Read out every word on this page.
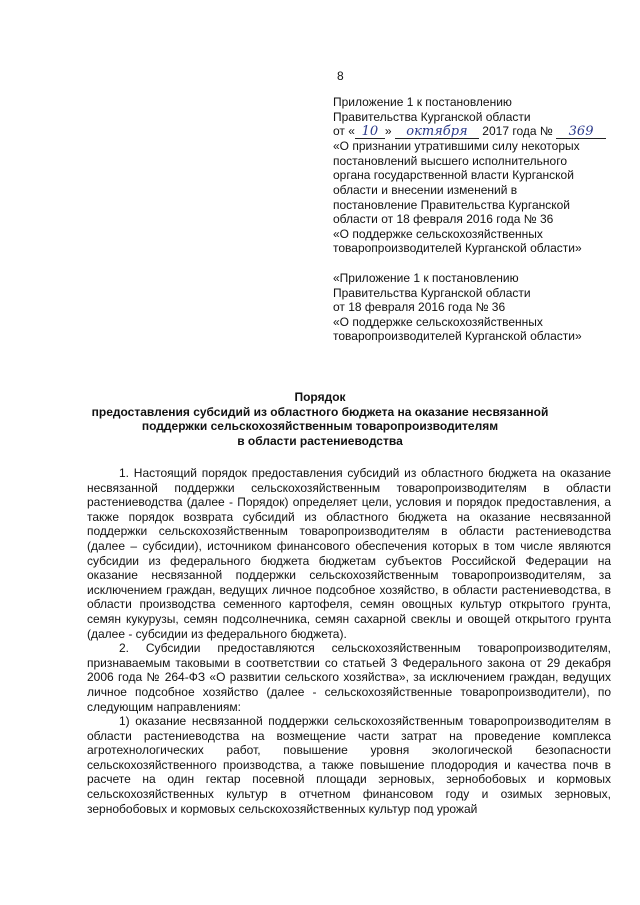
8

Приложение 1 к постановлению

Правительства Курганской области

от « 10 » октября 2017 года № 369

«О признании утратившими силу некоторых

постановлений высшего исполнительного

органа государственной власти Курганской

области и внесении изменений в

постановление Правительства Курганской

области от 18 февраля 2016 года № 36

«О поддержке сельскохозяйственных

товаропроизводителей Курганской области»

«Приложение 1 к постановлению

Правительства Курганской области

от 18 февраля 2016 года № 36

«О поддержке сельскохозяйственных

товаропроизводителей Курганской области»

Порядок

предоставления субсидий из областного бюджета на оказание несвязанной

поддержки сельскохозяйственным товаропроизводителям

в области растениеводства

1. Настоящий порядок предоставления субсидий из областного бюджета на оказание несвязанной поддержки сельскохозяйственным товаропроизводителям в области растениеводства (далее - Порядок) определяет цели, условия и порядок предоставления, а также порядок возврата субсидий из областного бюджета на оказание несвязанной поддержки сельскохозяйственным товаропроизводителям в области растениеводства (далее – субсидии), источником финансового обеспечения которых в том числе являются субсидии из федерального бюджета бюджетам субъектов Российской Федерации на оказание несвязанной поддержки сельскохозяйственным товаропроизводителям, за исключением граждан, ведущих личное подсобное хозяйство, в области растениеводства, в области производства семенного картофеля, семян овощных культур открытого грунта, семян кукурузы, семян подсолнечника, семян сахарной свеклы и овощей открытого грунта (далее - субсидии из федерального бюджета).

2. Субсидии предоставляются сельскохозяйственным товаропроизводителям, признаваемым таковыми в соответствии со статьей 3 Федерального закона от 29 декабря 2006 года № 264-ФЗ «О развитии сельского хозяйства», за исключением граждан, ведущих личное подсобное хозяйство (далее - сельскохозяйственные товаропроизводители), по следующим направлениям:

1) оказание несвязанной поддержки сельскохозяйственным товаропроизводителям в области растениеводства на возмещение части затрат на проведение комплекса агротехнологических работ, повышение уровня экологической безопасности сельскохозяйственного производства, а также повышение плодородия и качества почв в расчете на один гектар посевной площади зерновых, зернобобовых и кормовых сельскохозяйственных культур в отчетном финансовом году и озимых зерновых, зернобобовых и кормовых сельскохозяйственных культур под урожай
